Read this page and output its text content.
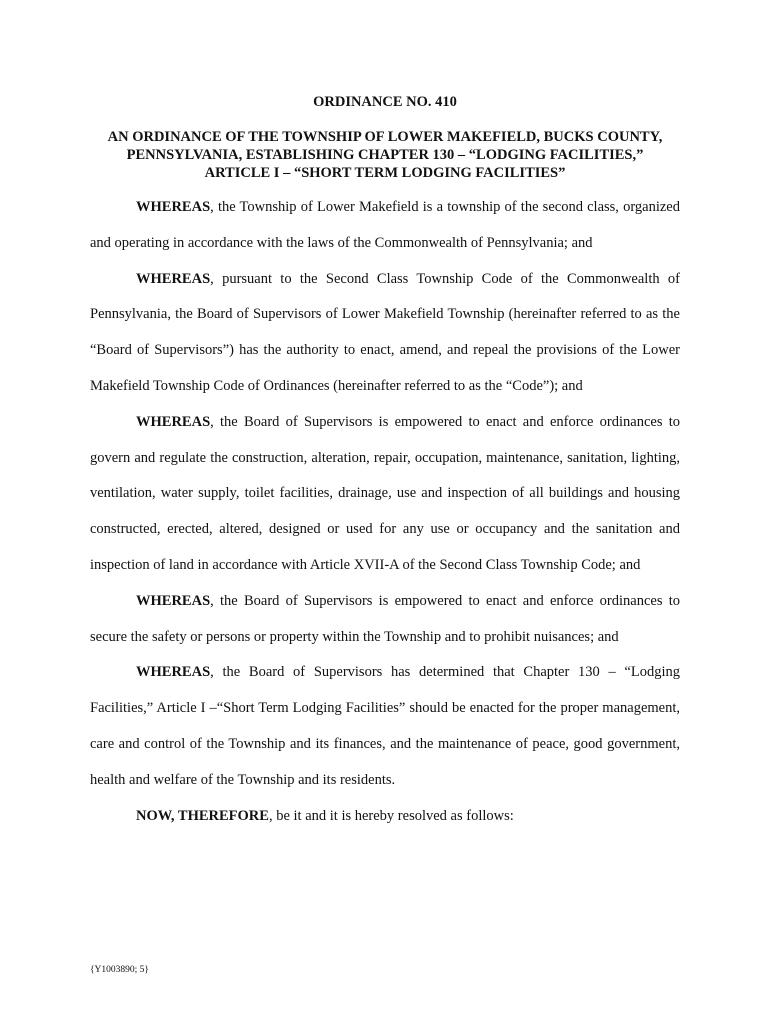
ORDINANCE NO. 410
AN ORDINANCE OF THE TOWNSHIP OF LOWER MAKEFIELD, BUCKS COUNTY,
PENNSYLVANIA, ESTABLISHING CHAPTER 130 – “LODGING FACILITIES,”
ARTICLE I – “SHORT TERM LODGING FACILITIES”

WHEREAS, the Township of Lower Makefield is a township of the second class, organized and operating in accordance with the laws of the Commonwealth of Pennsylvania; and

WHEREAS, pursuant to the Second Class Township Code of the Commonwealth of Pennsylvania, the Board of Supervisors of Lower Makefield Township (hereinafter referred to as the “Board of Supervisors”) has the authority to enact, amend, and repeal the provisions of the Lower Makefield Township Code of Ordinances (hereinafter referred to as the “Code”); and

WHEREAS, the Board of Supervisors is empowered to enact and enforce ordinances to govern and regulate the construction, alteration, repair, occupation, maintenance, sanitation, lighting, ventilation, water supply, toilet facilities, drainage, use and inspection of all buildings and housing constructed, erected, altered, designed or used for any use or occupancy and the sanitation and inspection of land in accordance with Article XVII-A of the Second Class Township Code; and

WHEREAS, the Board of Supervisors is empowered to enact and enforce ordinances to secure the safety or persons or property within the Township and to prohibit nuisances; and

WHEREAS, the Board of Supervisors has determined that Chapter 130 – “Lodging Facilities,” Article I –“Short Term Lodging Facilities” should be enacted for the proper management, care and control of the Township and its finances, and the maintenance of peace, good government, health and welfare of the Township and its residents.

NOW, THEREFORE, be it and it is hereby resolved as follows:

{Y1003890; 5}
